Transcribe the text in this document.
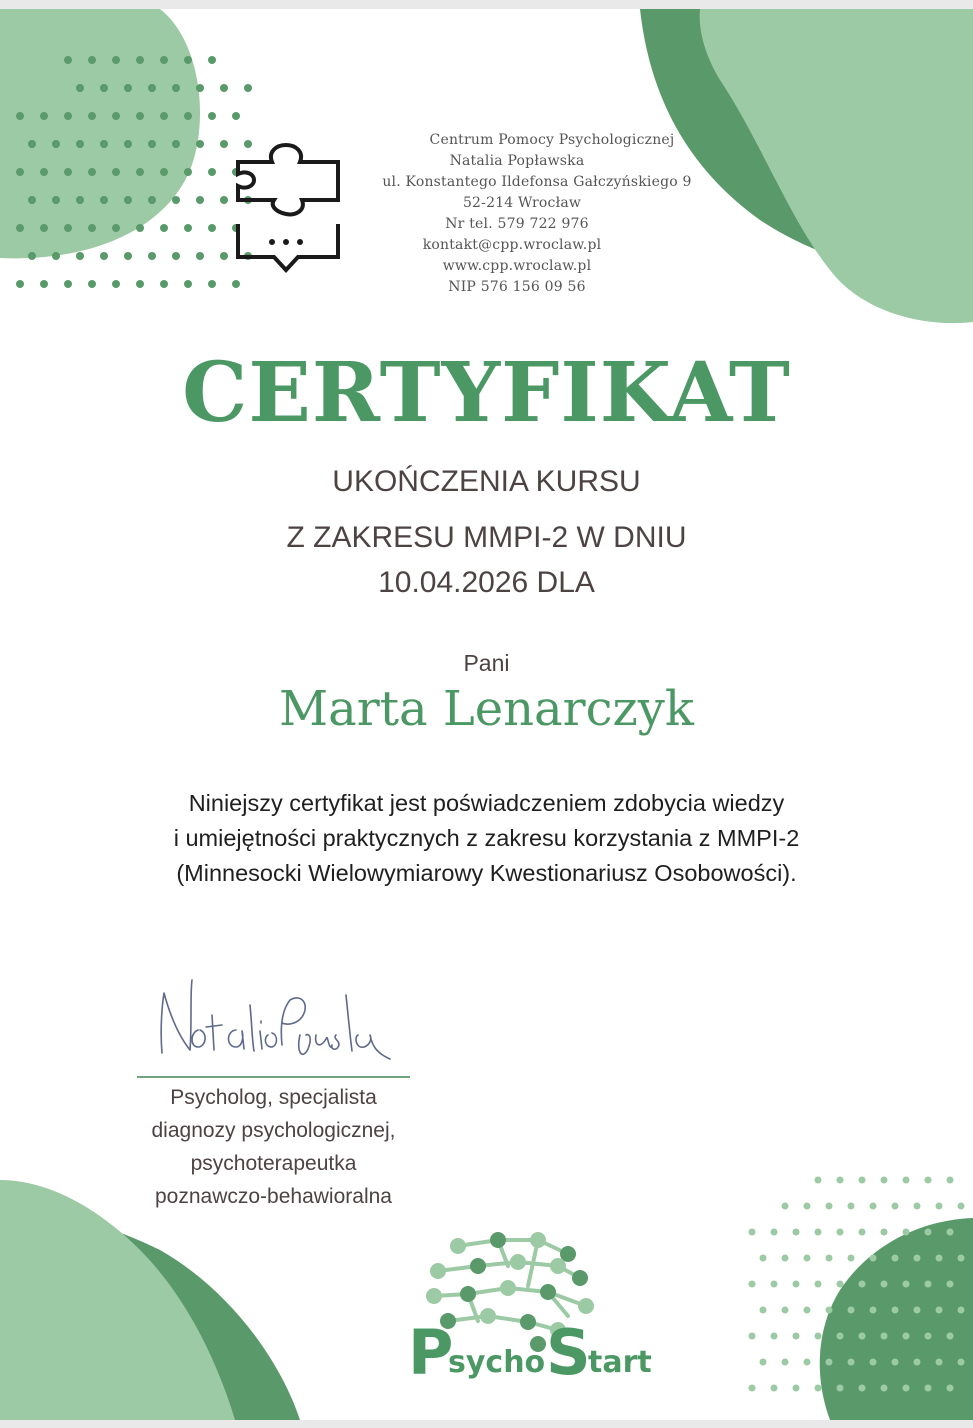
Centrum Pomocy Psychologicznej
Natalia Popławska
ul. Konstantego Ildefonsa Gałczyńskiego 9
52-214 Wrocław
Nr tel. 579 722 976
kontakt@cpp.wroclaw.pl
www.cpp.wroclaw.pl
NIP 576 156 09 56
CERTYFIKAT
UKOŃCZENIA KURSU
Z ZAKRESU MMPI-2 W DNIU
10.04.2026 DLA
Pani
Marta Lenarczyk
Niniejszy certyfikat jest poświadczeniem zdobycia wiedzy
i umiejętności praktycznych z zakresu korzystania z MMPI-2
(Minnesocki Wielowymiarowy Kwestionariusz Osobowości).
Psycholog, specjalista
diagnozy psychologicznej,
psychoterapeutka
poznawczo-behawioralna
P
sycho S
tart
